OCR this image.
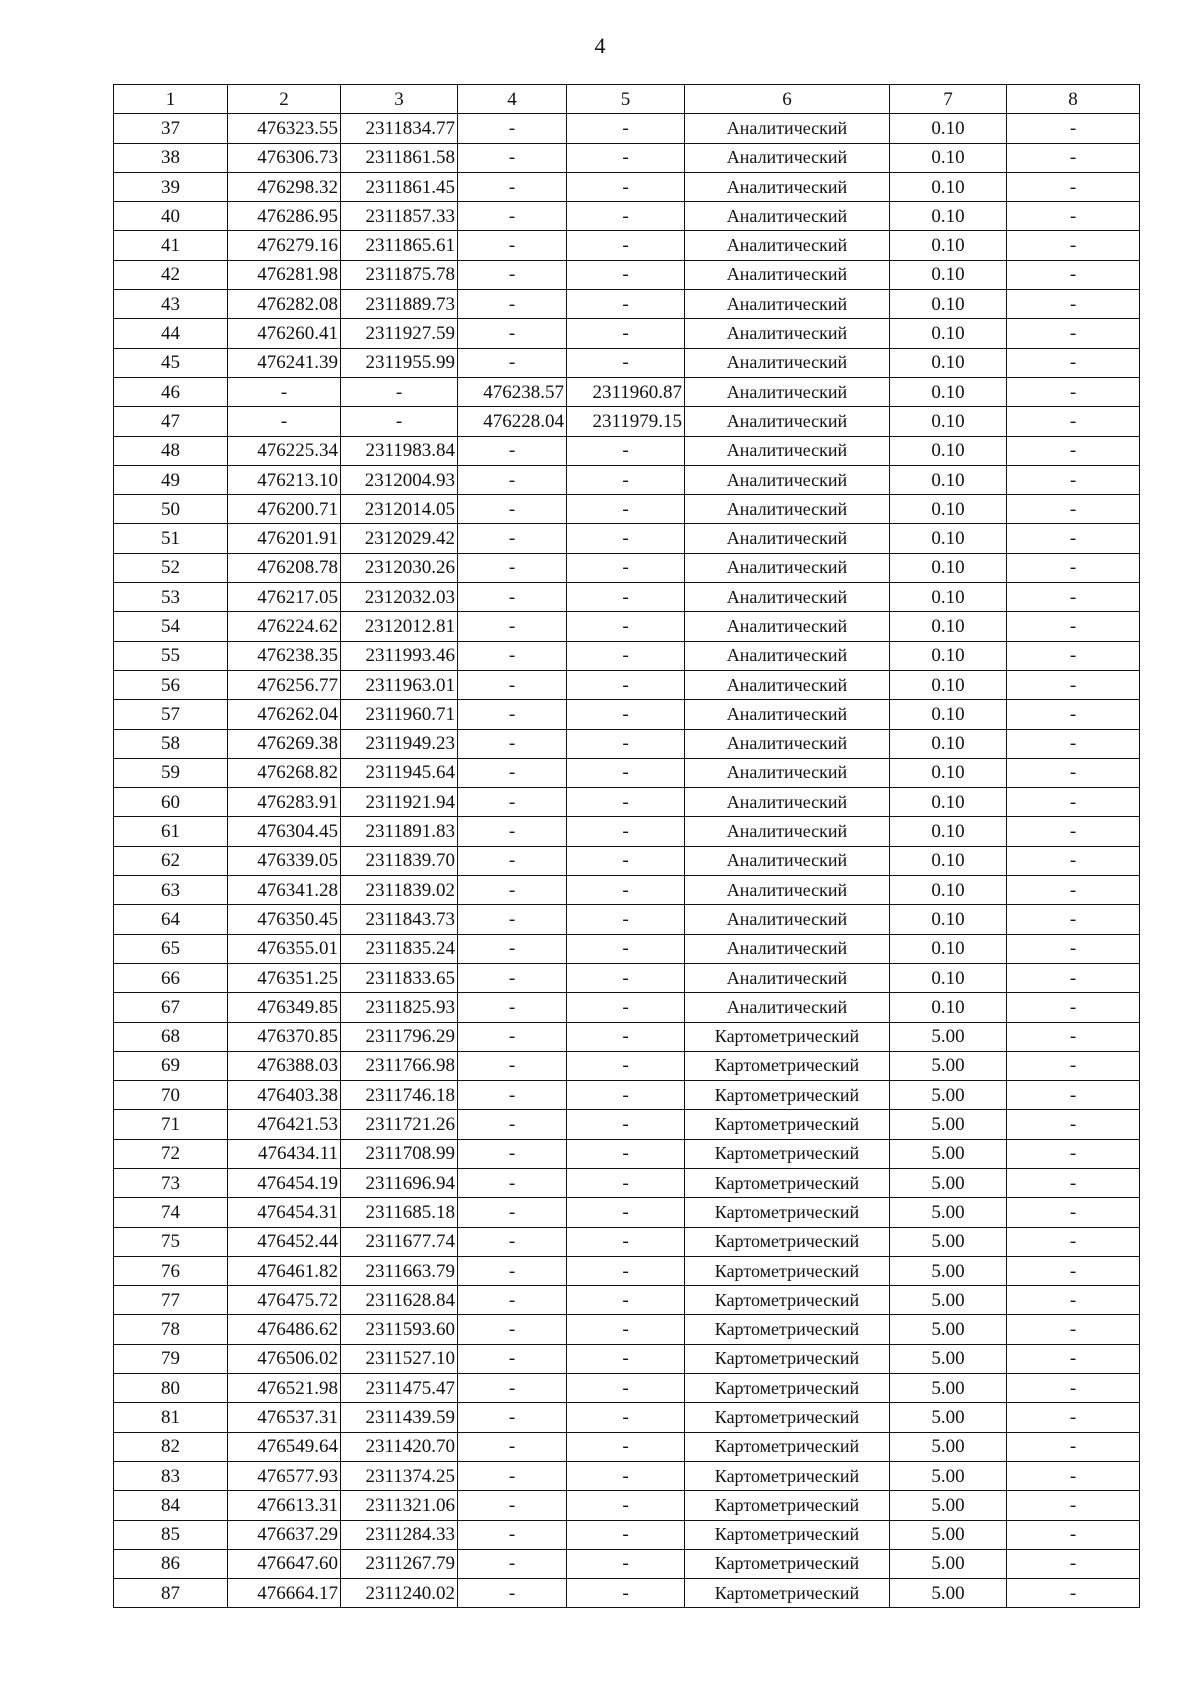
4
1	2	3	4	5	6	7	8
37	476323.55	2311834.77	-	-	Аналитический	0.10	-
38	476306.73	2311861.58	-	-	Аналитический	0.10	-
39	476298.32	2311861.45	-	-	Аналитический	0.10	-
40	476286.95	2311857.33	-	-	Аналитический	0.10	-
41	476279.16	2311865.61	-	-	Аналитический	0.10	-
42	476281.98	2311875.78	-	-	Аналитический	0.10	-
43	476282.08	2311889.73	-	-	Аналитический	0.10	-
44	476260.41	2311927.59	-	-	Аналитический	0.10	-
45	476241.39	2311955.99	-	-	Аналитический	0.10	-
46	-	-	476238.57	2311960.87	Аналитический	0.10	-
47	-	-	476228.04	2311979.15	Аналитический	0.10	-
48	476225.34	2311983.84	-	-	Аналитический	0.10	-
49	476213.10	2312004.93	-	-	Аналитический	0.10	-
50	476200.71	2312014.05	-	-	Аналитический	0.10	-
51	476201.91	2312029.42	-	-	Аналитический	0.10	-
52	476208.78	2312030.26	-	-	Аналитический	0.10	-
53	476217.05	2312032.03	-	-	Аналитический	0.10	-
54	476224.62	2312012.81	-	-	Аналитический	0.10	-
55	476238.35	2311993.46	-	-	Аналитический	0.10	-
56	476256.77	2311963.01	-	-	Аналитический	0.10	-
57	476262.04	2311960.71	-	-	Аналитический	0.10	-
58	476269.38	2311949.23	-	-	Аналитический	0.10	-
59	476268.82	2311945.64	-	-	Аналитический	0.10	-
60	476283.91	2311921.94	-	-	Аналитический	0.10	-
61	476304.45	2311891.83	-	-	Аналитический	0.10	-
62	476339.05	2311839.70	-	-	Аналитический	0.10	-
63	476341.28	2311839.02	-	-	Аналитический	0.10	-
64	476350.45	2311843.73	-	-	Аналитический	0.10	-
65	476355.01	2311835.24	-	-	Аналитический	0.10	-
66	476351.25	2311833.65	-	-	Аналитический	0.10	-
67	476349.85	2311825.93	-	-	Аналитический	0.10	-
68	476370.85	2311796.29	-	-	Картометрический	5.00	-
69	476388.03	2311766.98	-	-	Картометрический	5.00	-
70	476403.38	2311746.18	-	-	Картометрический	5.00	-
71	476421.53	2311721.26	-	-	Картометрический	5.00	-
72	476434.11	2311708.99	-	-	Картометрический	5.00	-
73	476454.19	2311696.94	-	-	Картометрический	5.00	-
74	476454.31	2311685.18	-	-	Картометрический	5.00	-
75	476452.44	2311677.74	-	-	Картометрический	5.00	-
76	476461.82	2311663.79	-	-	Картометрический	5.00	-
77	476475.72	2311628.84	-	-	Картометрический	5.00	-
78	476486.62	2311593.60	-	-	Картометрический	5.00	-
79	476506.02	2311527.10	-	-	Картометрический	5.00	-
80	476521.98	2311475.47	-	-	Картометрический	5.00	-
81	476537.31	2311439.59	-	-	Картометрический	5.00	-
82	476549.64	2311420.70	-	-	Картометрический	5.00	-
83	476577.93	2311374.25	-	-	Картометрический	5.00	-
84	476613.31	2311321.06	-	-	Картометрический	5.00	-
85	476637.29	2311284.33	-	-	Картометрический	5.00	-
86	476647.60	2311267.79	-	-	Картометрический	5.00	-
87	476664.17	2311240.02	-	-	Картометрический	5.00	-
